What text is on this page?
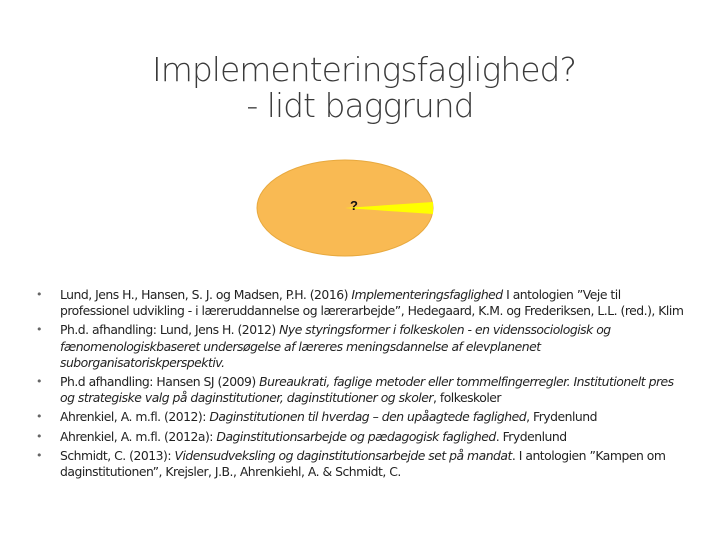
Implementeringsfaglighed?
- lidt baggrund
?
• Lund, Jens H., Hansen, S. J. og Madsen, P.H. (2016) Implementeringsfaglighed I antologien ”Veje til professionel udvikling - i læreruddannelse og lærerarbejde”, Hedegaard, K.M. og Frederiksen, L.L. (red.), Klim
• Ph.d. afhandling: Lund, Jens H. (2012) Nye styringsformer i folkeskolen - en videnssociologisk og fænomenologiskbaseret undersøgelse af læreres meningsdannelse af elevplanenet suborganisatoriskperspektiv.
• Ph.d afhandling: Hansen SJ (2009) Bureaukrati, faglige metoder eller tommelfingerregler. Institutionelt pres og strategiske valg på daginstitutioner, daginstitutioner og skoler, folkeskoler
• Ahrenkiel, A. m.fl. (2012): Daginstitutionen til hverdag – den upåagtede faglighed, Frydenlund
• Ahrenkiel, A. m.fl. (2012a): Daginstitutionsarbejde og pædagogisk faglighed. Frydenlund
• Schmidt, C. (2013): Vidensudveksling og daginstitutionsarbejde set på mandat. I antologien ”Kampen om daginstitutionen”, Krejsler, J.B., Ahrenkiehl, A. & Schmidt, C.
